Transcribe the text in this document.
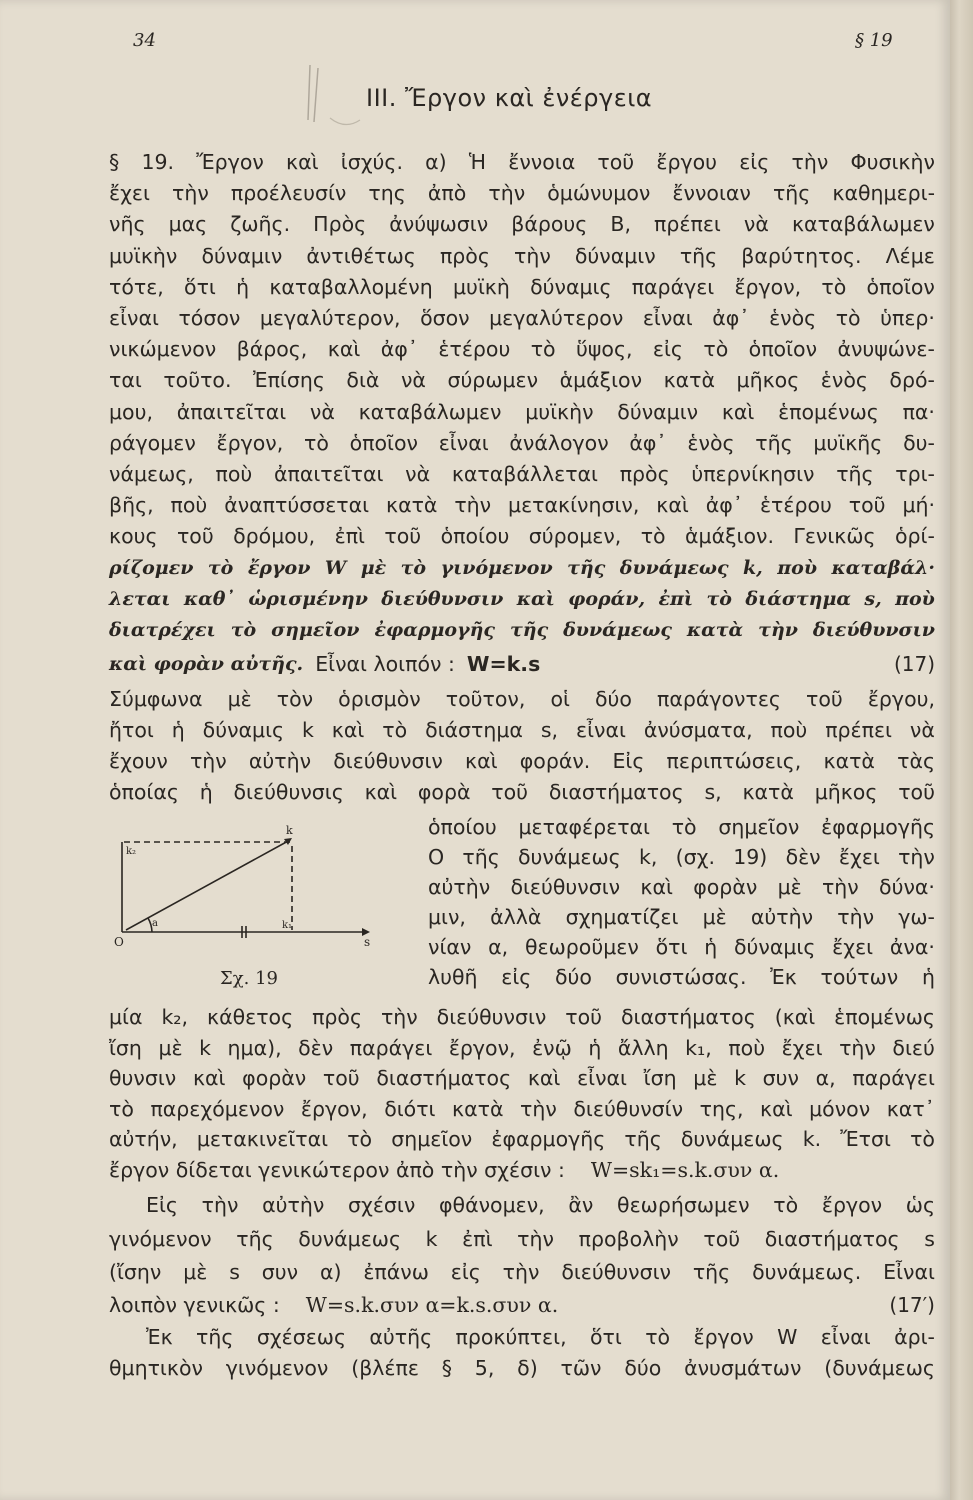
34	§ 19
III. Ἔργον καὶ ἐνέργεια
§ 19. Ἔργον καὶ ἰσχύς. α) Ἡ ἔννοια τοῦ ἔργου εἰς τὴν Φυσικὴν
ἔχει τὴν προέλευσίν της ἀπὸ τὴν ὁμώνυμον ἔννοιαν τῆς καθημερι-
νῆς μας ζωῆς. Πρὸς ἀνύψωσιν βάρους Β, πρέπει νὰ καταβάλωμεν
μυϊκὴν δύναμιν ἀντιθέτως πρὸς τὴν δύναμιν τῆς βαρύτητος. Λέμε
τότε, ὅτι ἡ καταβαλλομένη μυϊκὴ δύναμις παράγει ἔργον, τὸ ὁποῖον
εἶναι τόσον μεγαλύτερον, ὅσον μεγαλύτερον εἶναι ἀφ᾿ ἑνὸς τὸ ὑπερ·
νικώμενον βάρος, καὶ ἀφ᾿ ἑτέρου τὸ ὕψος, εἰς τὸ ὁποῖον ἀνυψώνε-
ται τοῦτο. Ἐπίσης διὰ νὰ σύρωμεν ἁμάξιον κατὰ μῆκος ἑνὸς δρό-
μου, ἀπαιτεῖται νὰ καταβάλωμεν μυϊκὴν δύναμιν καὶ ἑπομένως πα·
ράγομεν ἔργον, τὸ ὁποῖον εἶναι ἀνάλογον ἀφ᾿ ἑνὸς τῆς μυϊκῆς δυ-
νάμεως, ποὺ ἀπαιτεῖται νὰ καταβάλλεται πρὸς ὑπερνίκησιν τῆς τρι-
βῆς, ποὺ ἀναπτύσσεται κατὰ τὴν μετακίνησιν, καὶ ἀφ᾿ ἑτέρου τοῦ μή·
κους τοῦ δρόμου, ἐπὶ τοῦ ὁποίου σύρομεν, τὸ ἁμάξιον. Γενικῶς ὁρί-
ρίζομεν τὸ ἔργον W μὲ τὸ γινόμενον τῆς δυνάμεως k, ποὺ καταβάλ·
λεται καθ᾿ ὡρισμένην διεύθυνσιν καὶ φοράν, ἐπὶ τὸ διάστημα s, ποὺ
διατρέχει τὸ σημεῖον ἐφαρμογῆς τῆς δυνάμεως κατὰ τὴν διεύθυνσιν
Σύμφωνα μὲ τὸν ὁρισμὸν τοῦτον, οἱ δύο παράγοντες τοῦ ἔργου,
ἤτοι ἡ δύναμις k καὶ τὸ διάστημα s, εἶναι ἀνύσματα, ποὺ πρέπει νὰ
ἔχουν τὴν αὐτὴν διεύθυνσιν καὶ φοράν. Εἰς περιπτώσεις, κατὰ τὰς
ὁποίας ἡ διεύθυνσις καὶ φορὰ τοῦ διαστήματος s, κατὰ μῆκος τοῦ
ὁποίου μεταφέρεται τὸ σημεῖον ἐφαρμογῆς
Ο τῆς δυνάμεως k, (σχ. 19) δὲν ἔχει τὴν
αὐτὴν διεύθυνσιν καὶ φορὰν μὲ τὴν δύνα·
μιν, ἀλλὰ σχηματίζει μὲ αὐτὴν τὴν γω-
νίαν α, θεωροῦμεν ὅτι ἡ δύναμις ἔχει ἀνα·
λυθῆ εἰς δύο συνιστώσας. Ἐκ τούτων ἡ
μία k₂, κάθετος πρὸς τὴν διεύθυνσιν τοῦ διαστήματος (καὶ ἑπομένως
ἴση μὲ k ημα), δὲν παράγει ἔργον, ἐνῷ ἡ ἄλλη k₁, ποὺ ἔχει τὴν διεύ
θυνσιν καὶ φορὰν τοῦ διαστήματος καὶ εἶναι ἴση μὲ k συν α, παράγει
τὸ παρεχόμενον ἔργον, διότι κατὰ τὴν διεύθυνσίν της, καὶ μόνον κατ᾿
αὐτήν, μετακινεῖται τὸ σημεῖον ἐφαρμογῆς τῆς δυνάμεως k. Ἔτσι τὸ
Εἰς τὴν αὐτὴν σχέσιν φθάνομεν, ἂν θεωρήσωμεν τὸ ἔργον ὡς
γινόμενον τῆς δυνάμεως k ἐπὶ τὴν προβολὴν τοῦ διαστήματος s
(ἴσην μὲ s συν α) ἐπάνω εἰς τὴν διεύθυνσιν τῆς δυνάμεως. Εἶναι
Ἐκ τῆς σχέσεως αὐτῆς προκύπτει, ὅτι τὸ ἔργον W εἶναι ἀρι-
θμητικὸν γινόμενον (βλέπε § 5, δ) τῶν δύο ἀνυσμάτων (δυνάμεως
καὶ φορὰν αὐτῆς. Εἶναι λοιπόν : W=k.s	(17)
ἔργον δίδεται γενικώτερον ἀπὸ τὴν σχέσιν : W=sk₁=s.k.συν α.
λοιπὸν γενικῶς : W=s.k.συν α=k.s.συν α.	(17′)
k
k₂
k₁
a
O	s
Σχ. 19
